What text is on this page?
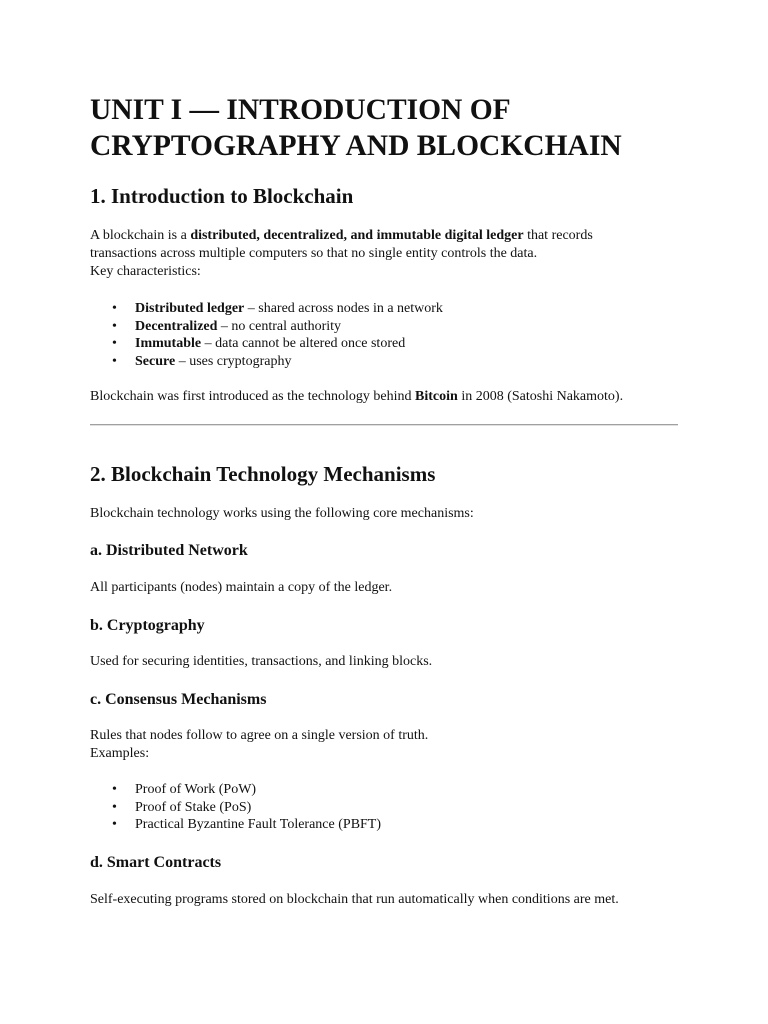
UNIT I — INTRODUCTION OF
CRYPTOGRAPHY AND BLOCKCHAIN
1. Introduction to Blockchain
A blockchain is a distributed, decentralized, and immutable digital ledger that records
transactions across multiple computers so that no single entity controls the data.
Key characteristics:
• Distributed ledger – shared across nodes in a network
• Decentralized – no central authority
• Immutable – data cannot be altered once stored
• Secure – uses cryptography
Blockchain was first introduced as the technology behind Bitcoin in 2008 (Satoshi Nakamoto).
2. Blockchain Technology Mechanisms

Blockchain technology works using the following core mechanisms:

a. Distributed Network

All participants (nodes) maintain a copy of the ledger.

b. Cryptography

Used for securing identities, transactions, and linking blocks.

c. Consensus Mechanisms
Rules that nodes follow to agree on a single version of truth.
Examples:
• Proof of Work (PoW)
• Proof of Stake (PoS)
• Practical Byzantine Fault Tolerance (PBFT)
d. Smart Contracts

Self-executing programs stored on blockchain that run automatically when conditions are met.
